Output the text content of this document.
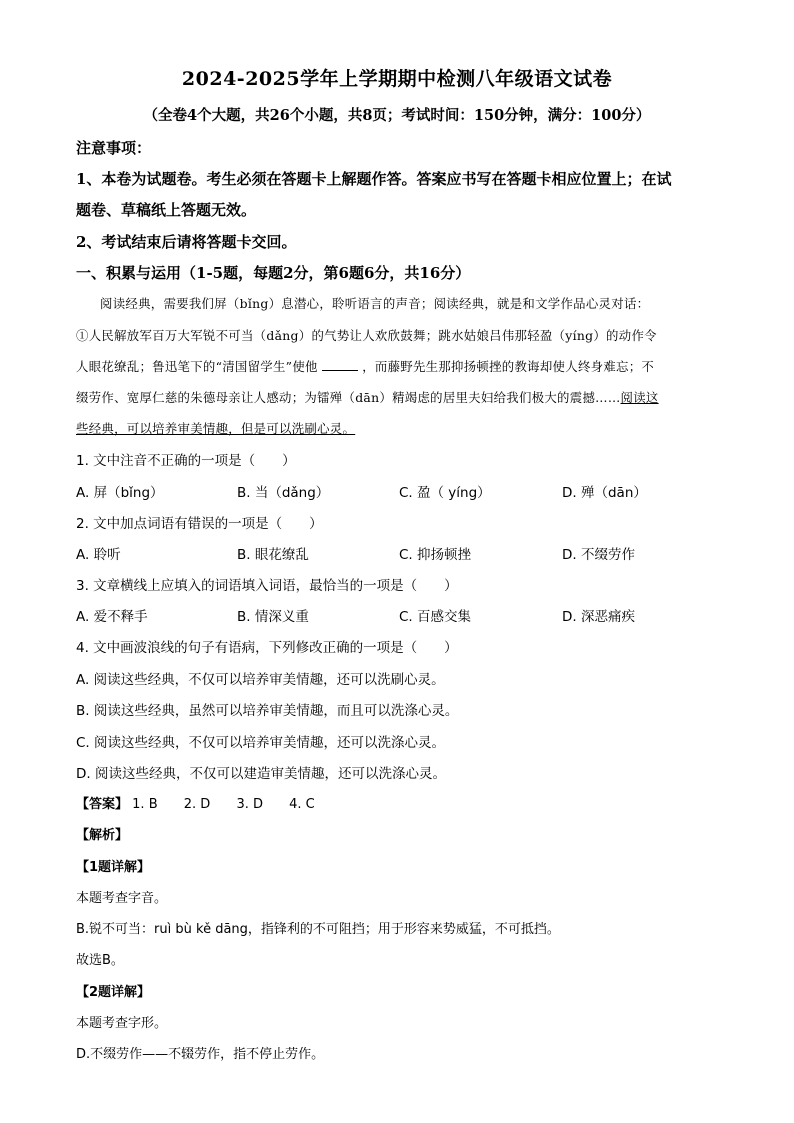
2024-2025学年上学期期中检测八年级语文试卷
（全卷4个大题，共26个小题，共8页；考试时间：150分钟，满分：100分）
注意事项：
1、本卷为试题卷。考生必须在答题卡上解题作答。答案应书写在答题卡相应位置上；在试
题卷、草稿纸上答题无效。
2、考试结束后请将答题卡交回。
一、积累与运用（1-5题，每题2分，第6题6分，共16分）
阅读经典，需要我们屏（bǐng）息潜心，聆听语言的声音；阅读经典，就是和文学作品心灵对话：
①人民解放军百万大军锐不可当（dǎng）的气势让人欢欣鼓舞；跳水姑娘吕伟那轻盈（yíng）的动作令
人眼花缭乱；鲁迅笔下的“清国留学生”使他	，而藤野先生那抑扬顿挫的教诲却使人终身难忘；不
缀劳作、宽厚仁慈的朱德母亲让人感动；为镭殚（dān）精竭虑的居里夫妇给我们极大的震撼……阅读这
些经典，可以培养审美情趣，但是可以洗刷心灵。
1. 文中注音不正确的一项是（　　）
A. 屏（bǐng）	B. 当（dǎng）	C. 盈（ yíng）	D. 殚（dān）
2. 文中加点词语有错误的一项是（　　）
A. 聆听	B. 眼花缭乱	C. 抑扬顿挫	D. 不缀劳作
3. 文章横线上应填入的词语填入词语，最恰当的一项是（　　）
A. 爱不释手	B. 情深义重	C. 百感交集	D. 深恶痛疾
4. 文中画波浪线的句子有语病，下列修改正确的一项是（　　）
A. 阅读这些经典，不仅可以培养审美情趣，还可以洗刷心灵。
B. 阅读这些经典，虽然可以培养审美情趣，而且可以洗涤心灵。
C. 阅读这些经典，不仅可以培养审美情趣，还可以洗涤心灵。
D. 阅读这些经典，不仅可以建造审美情趣，还可以洗涤心灵。
【答案】 1. B 2. D 3. D 4. C
【解析】
【1题详解】
本题考查字音。
B.锐不可当：ruì bù kě dāng，指锋利的不可阻挡；用于形容来势威猛，不可抵挡。
故选B。
【2题详解】
本题考查字形。
D.不缀劳作——不辍劳作，指不停止劳作。
